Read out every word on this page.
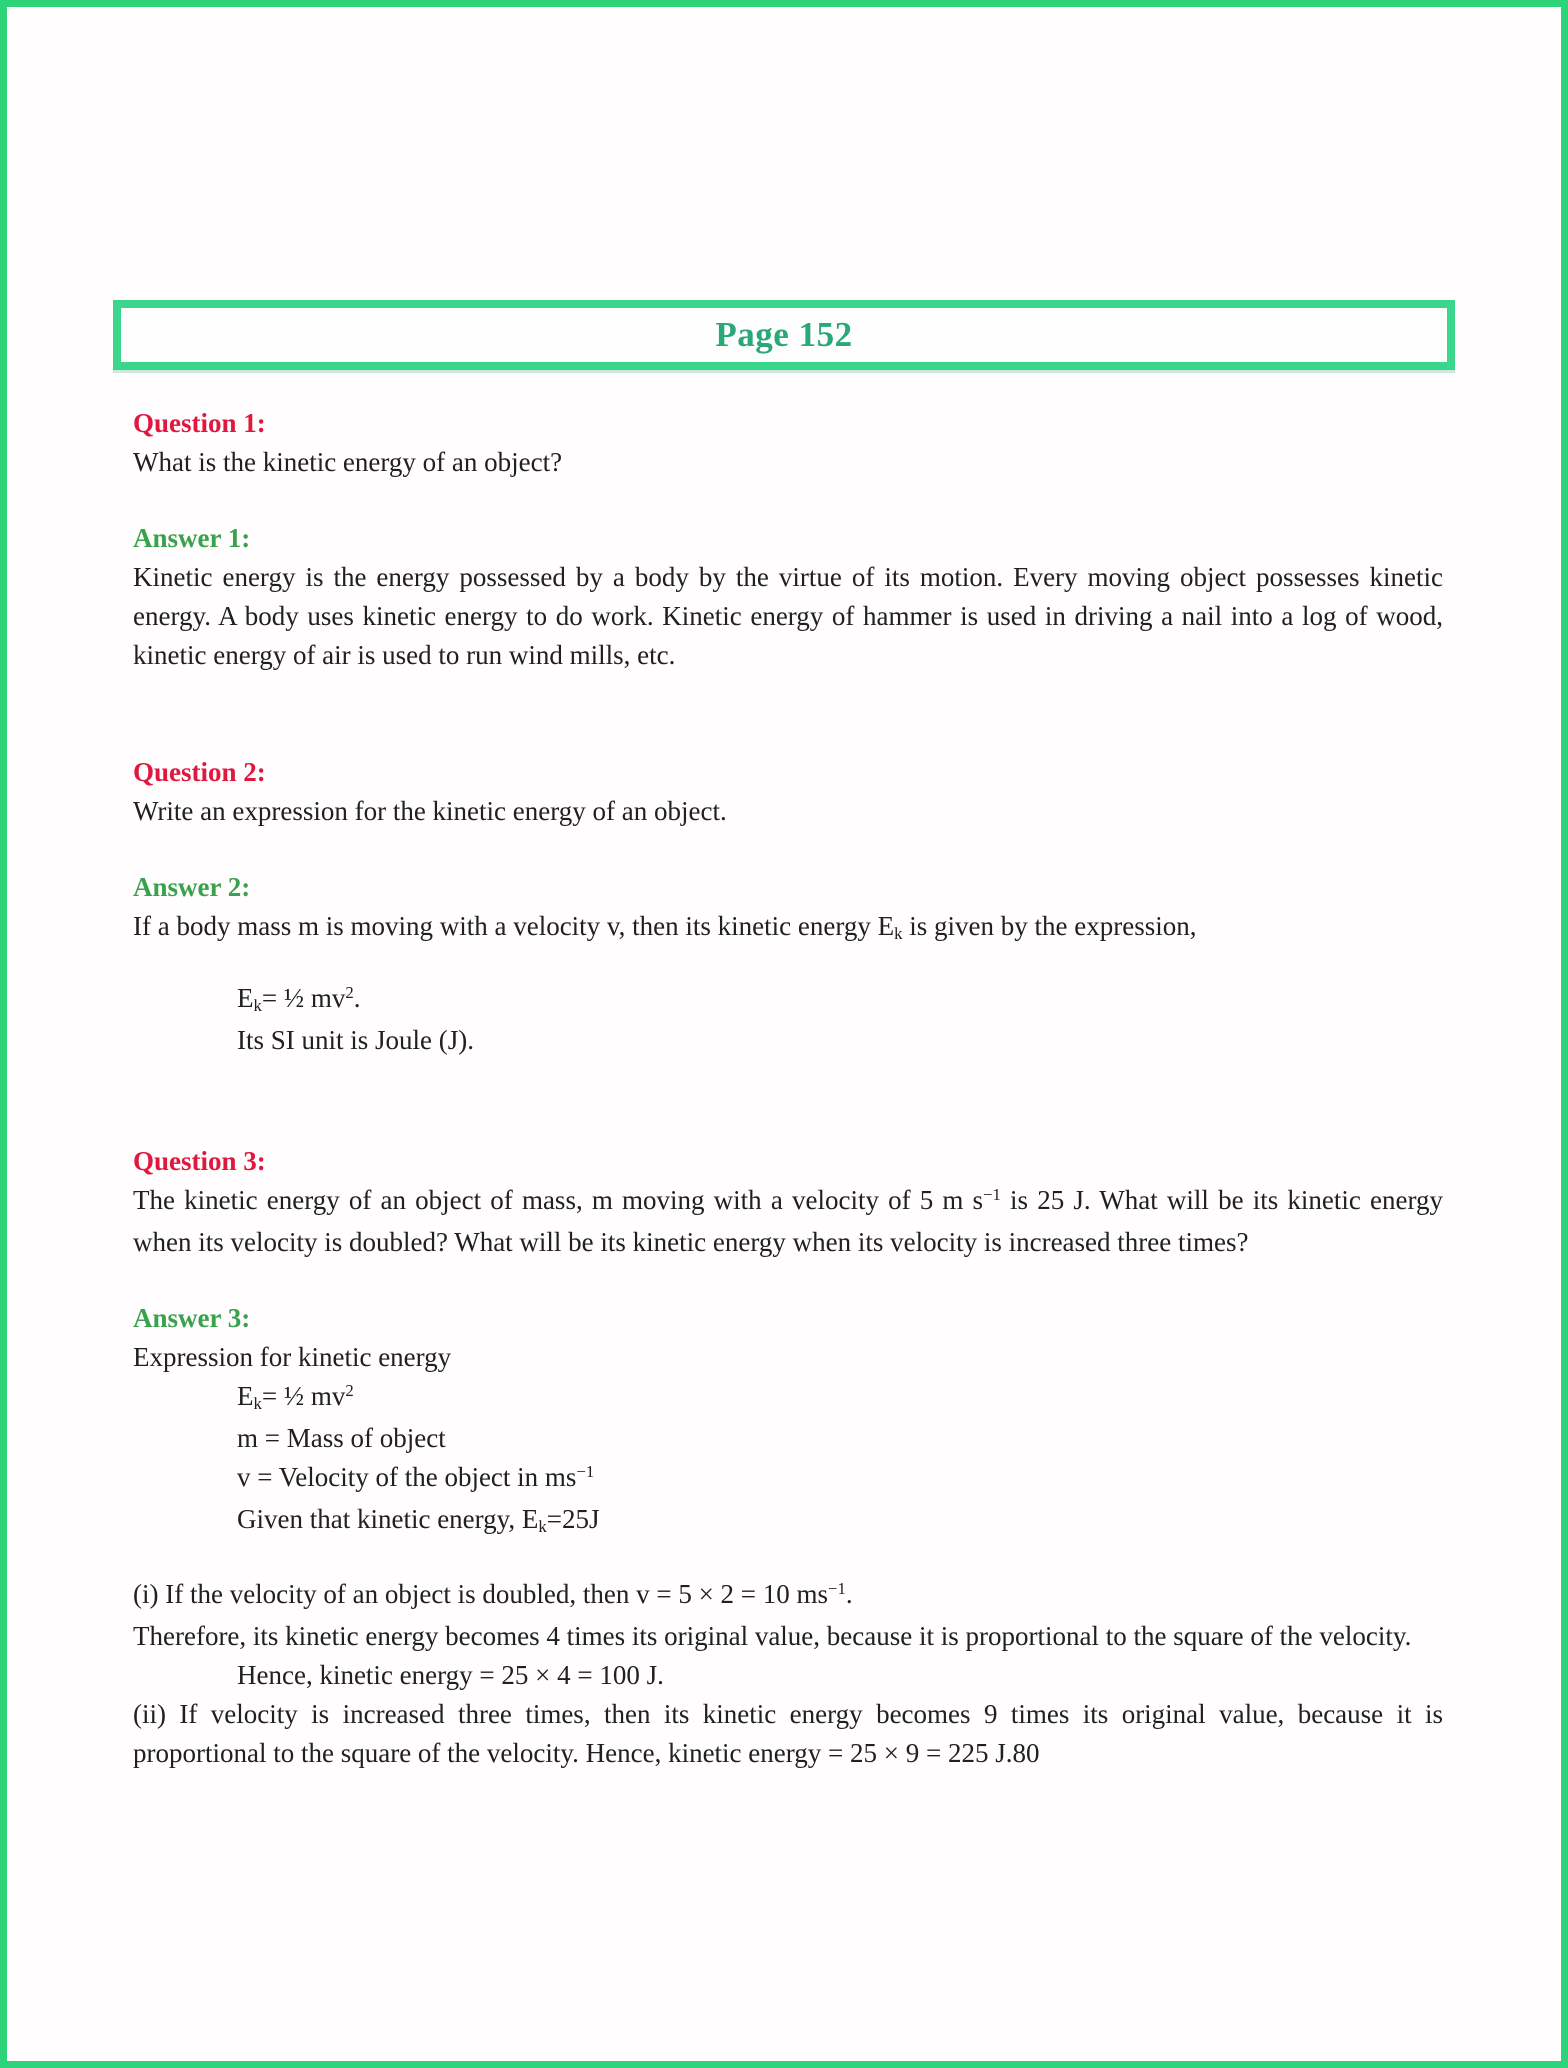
Page 152

Question 1:

What is the kinetic energy of an object?

Answer 1:

Kinetic energy is the energy possessed by a body by the virtue of its motion. Every moving object possesses kinetic energy. A body uses kinetic energy to do work. Kinetic energy of hammer is used in driving a nail into a log of wood, kinetic energy of air is used to run wind mills, etc.

Question 2:

Write an expression for the kinetic energy of an object.

Answer 2:

If a body mass m is moving with a velocity v, then its kinetic energy Ek is given by the expression,

Ek= ½ $mv^2$.

Its SI unit is Joule (J).

Question 3:

The kinetic energy of an object of mass, m moving with a velocity of 5 m $s^{-1}$ is 25 J. What will be its kinetic energy when its velocity is doubled? What will be its kinetic energy when its velocity is increased three times?

Answer 3:

Expression for kinetic energy

Ek= ½ $mv^2$

m = Mass of object

v = Velocity of the object in $ms^{-1}$

Given that kinetic energy, Ek=25J

(i) If the velocity of an object is doubled, then v = 5 × 2 = 10 $ms^{-1}$.

Therefore, its kinetic energy becomes 4 times its original value, because it is proportional to the square of the velocity.

Hence, kinetic energy = 25 × 4 = 100 J.

(ii) If velocity is increased three times, then its kinetic energy becomes 9 times its original value, because it is proportional to the square of the velocity. Hence, kinetic energy = 25 × 9 = 225 J.80
